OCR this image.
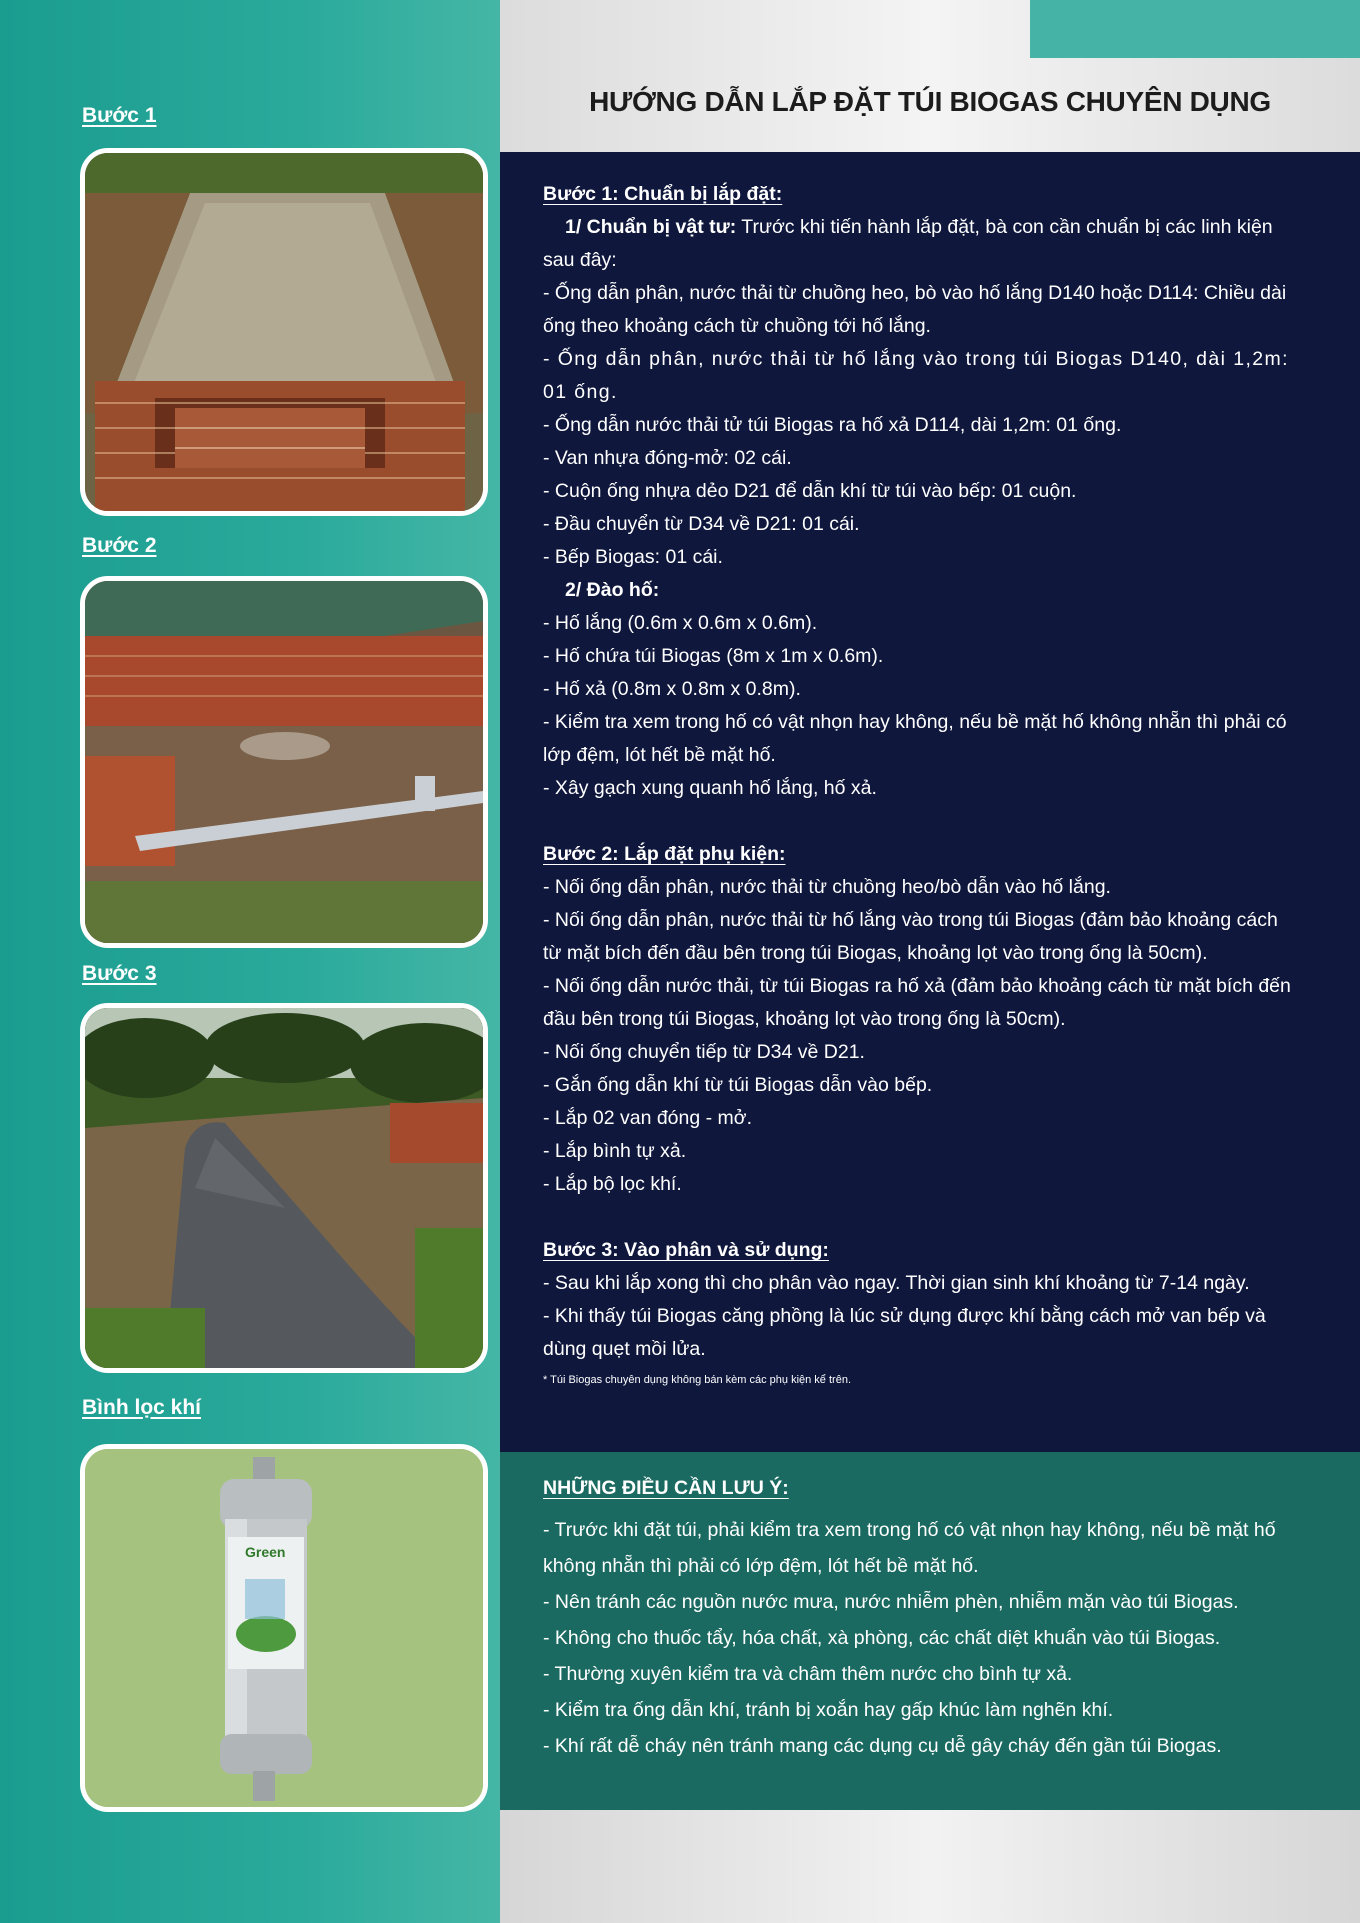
Bước 1
Bước 2
Bước 3
Bình lọc khí
Green
HƯỚNG DẪN LẮP ĐẶT TÚI BIOGAS CHUYÊN DỤNG

Bước 1: Chuẩn bị lắp đặt:

1/ Chuẩn bị vật tư: Trước khi tiến hành lắp đặt, bà con cần chuẩn bị các linh kiện sau đây:

- Ống dẫn phân, nước thải từ chuồng heo, bò vào hố lắng D140 hoặc D114: Chiều dài ống theo khoảng cách từ chuồng tới hố lắng.

- Ống dẫn phân, nước thải từ hố lắng vào trong túi Biogas D140, dài 1,2m: 01 ống.

- Ống dẫn nước thải tử túi Biogas ra hố xả D114, dài 1,2m: 01 ống.

- Van nhựa đóng-mở: 02 cái.

- Cuộn ống nhựa dẻo D21 để dẫn khí từ túi vào bếp: 01 cuộn.

- Đầu chuyển từ D34 về D21: 01 cái.

- Bếp Biogas: 01 cái.

2/ Đào hố:

- Hố lắng (0.6m x 0.6m x 0.6m).

- Hố chứa túi Biogas (8m x 1m x 0.6m).

- Hố xả (0.8m x 0.8m x 0.8m).

- Kiểm tra xem trong hố có vật nhọn hay không, nếu bề mặt hố không nhẵn thì phải có lớp đệm, lót hết bề mặt hố.

- Xây gạch xung quanh hố lắng, hố xả.

Bước 2: Lắp đặt phụ kiện:

- Nối ống dẫn phân, nước thải từ chuồng heo/bò dẫn vào hố lắng.

- Nối ống dẫn phân, nước thải từ hố lắng vào trong túi Biogas (đảm bảo khoảng cách từ mặt bích đến đầu bên trong túi Biogas, khoảng lọt vào trong ống là 50cm).

- Nối ống dẫn nước thải, từ túi Biogas ra hố xả (đảm bảo khoảng cách từ mặt bích đến đầu bên trong túi Biogas, khoảng lọt vào trong ống là 50cm).

- Nối ống chuyển tiếp từ D34 về D21.

- Gắn ống dẫn khí từ túi Biogas dẫn vào bếp.

- Lắp 02 van đóng - mở.

- Lắp bình tự xả.

- Lắp bộ lọc khí.

Bước 3: Vào phân và sử dụng:

- Sau khi lắp xong thì cho phân vào ngay. Thời gian sinh khí khoảng từ 7-14 ngày.

- Khi thấy túi Biogas căng phồng là lúc sử dụng được khí bằng cách mở van bếp và dùng quẹt mồi lửa.

* Túi Biogas chuyên dụng không bán kèm các phụ kiện kể trên.

NHỮNG ĐIỀU CẦN LƯU Ý:

- Trước khi đặt túi, phải kiểm tra xem trong hố có vật nhọn hay không, nếu bề mặt hố không nhẵn thì phải có lớp đệm, lót hết bề mặt hố.

- Nên tránh các nguồn nước mưa, nước nhiễm phèn, nhiễm mặn vào túi Biogas.

- Không cho thuốc tẩy, hóa chất, xà phòng, các chất diệt khuẩn vào túi Biogas.

- Thường xuyên kiểm tra và châm thêm nước cho bình tự xả.

- Kiểm tra ống dẫn khí, tránh bị xoắn hay gấp khúc làm nghẽn khí.

- Khí rất dễ cháy nên tránh mang các dụng cụ dễ gây cháy đến gần túi Biogas.
